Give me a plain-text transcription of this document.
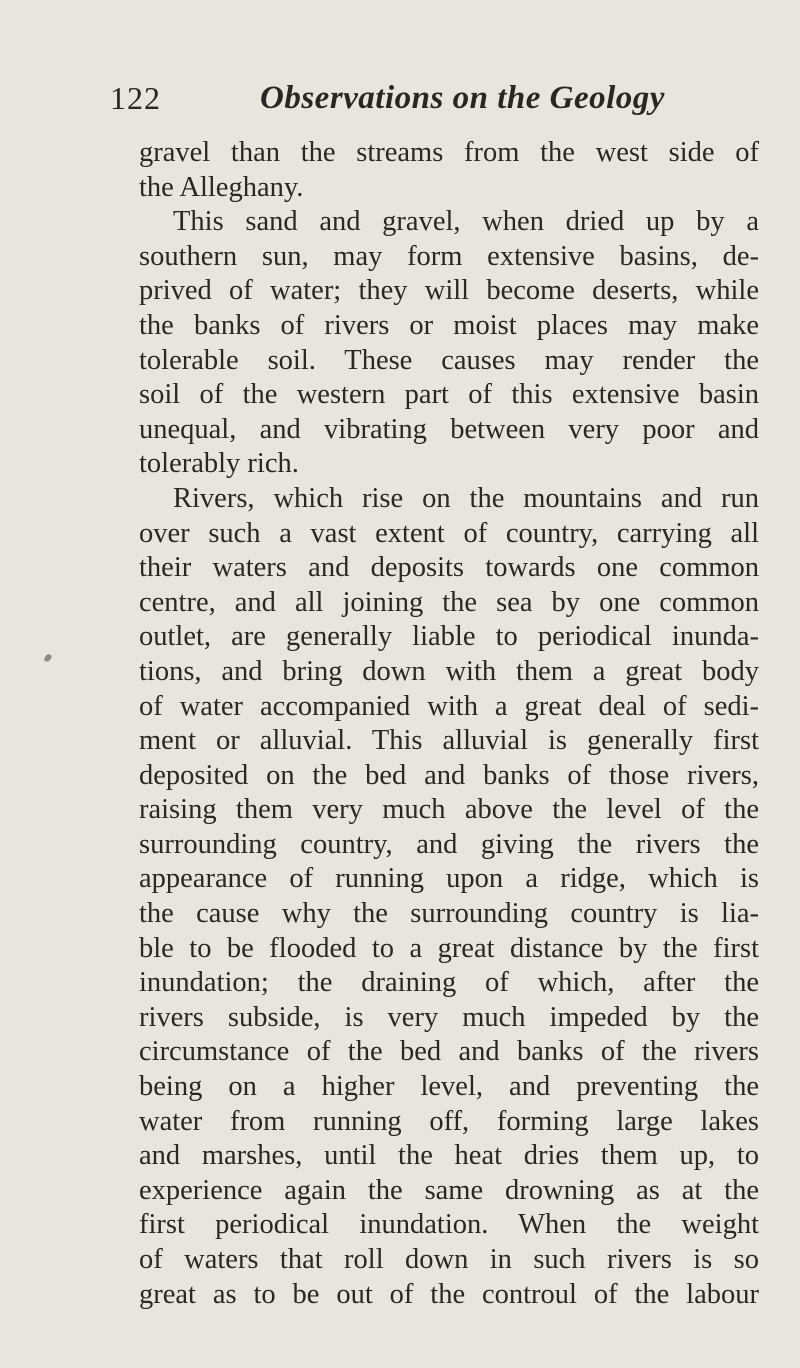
122	Observations on the Geology
gravel than the streams from the west side of
the Alleghany.
This sand and gravel, when dried up by a
southern sun, may form extensive basins, de-
prived of water; they will become deserts, while
the banks of rivers or moist places may make
tolerable soil. These causes may render the
soil of the western part of this extensive basin
unequal, and vibrating between very poor and
tolerably rich.
Rivers, which rise on the mountains and run
over such a vast extent of country, carrying all
their waters and deposits towards one common
centre, and all joining the sea by one common
outlet, are generally liable to periodical inunda-
tions, and bring down with them a great body
of water accompanied with a great deal of sedi-
ment or alluvial. This alluvial is generally first
deposited on the bed and banks of those rivers,
raising them very much above the level of the
surrounding country, and giving the rivers the
appearance of running upon a ridge, which is
the cause why the surrounding country is lia-
ble to be flooded to a great distance by the first
inundation; the draining of which, after the
rivers subside, is very much impeded by the
circumstance of the bed and banks of the rivers
being on a higher level, and preventing the
water from running off, forming large lakes
and marshes, until the heat dries them up, to
experience again the same drowning as at the
first periodical inundation. When the weight
of waters that roll down in such rivers is so
great as to be out of the controul of the labour
